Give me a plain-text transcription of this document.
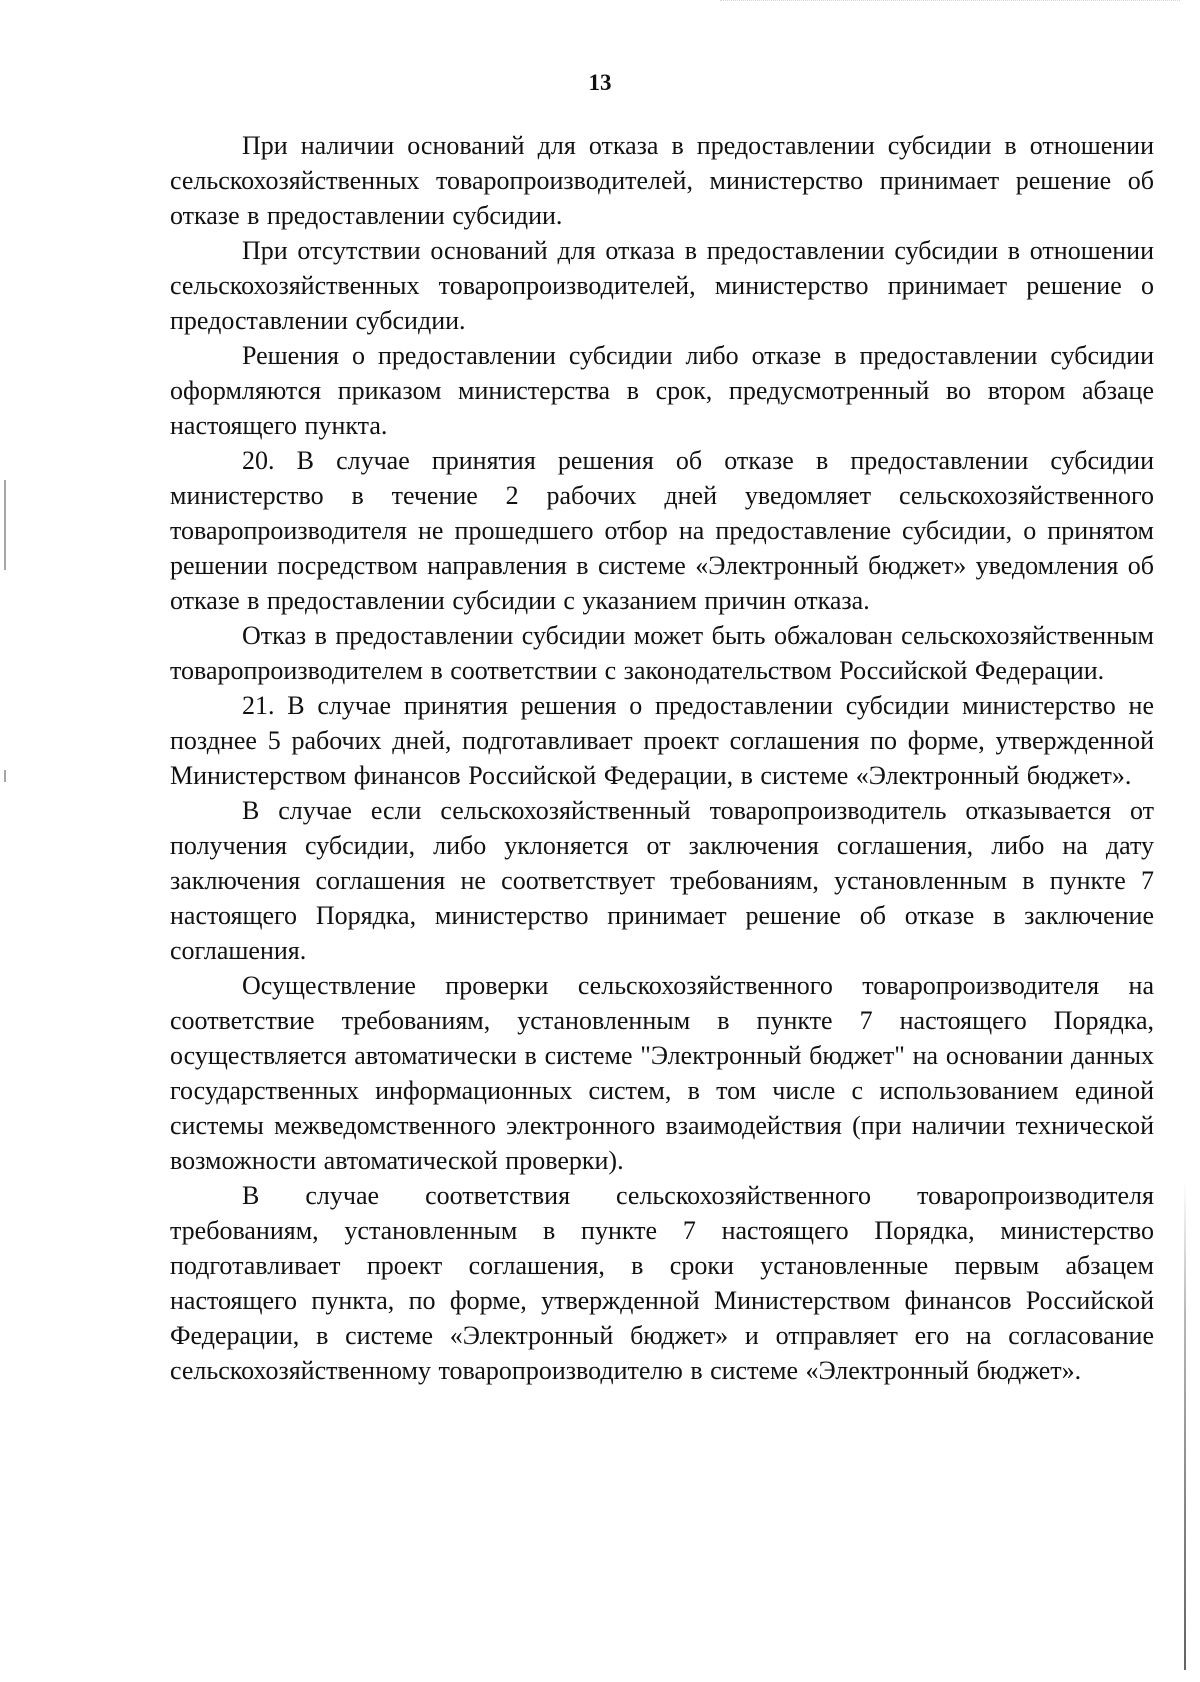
13

При наличии оснований для отказа в предоставлении субсидии в отношении сельскохозяйственных товаропроизводителей, министерство принимает решение об отказе в предоставлении субсидии.

При отсутствии оснований для отказа в предоставлении субсидии в отношении сельскохозяйственных товаропроизводителей, министерство принимает решение о предоставлении субсидии.

Решения о предоставлении субсидии либо отказе в предоставлении субсидии оформляются приказом министерства в срок, предусмотренный во втором абзаце настоящего пункта.

20. В случае принятия решения об отказе в предоставлении субсидии министерство в течение 2 рабочих дней уведомляет сельскохозяйственного товаропроизводителя не прошедшего отбор на предоставление субсидии, о принятом решении посредством направления в системе «Электронный бюджет» уведомления об отказе в предоставлении субсидии с указанием причин отказа.

Отказ в предоставлении субсидии может быть обжалован сельскохозяйственным товаропроизводителем в соответствии с законодательством Российской Федерации.

21. В случае принятия решения о предоставлении субсидии министерство не позднее 5 рабочих дней, подготавливает проект соглашения по форме, утвержденной Министерством финансов Российской Федерации, в системе «Электронный бюджет».

В случае если сельскохозяйственный товаропроизводитель отказывается от получения субсидии, либо уклоняется от заключения соглашения, либо на дату заключения соглашения не соответствует требованиям, установленным в пункте 7 настоящего Порядка, министерство принимает решение об отказе в заключение соглашения.

Осуществление проверки сельскохозяйственного товаропроизводителя на соответствие требованиям, установленным в пункте 7 настоящего Порядка, осуществляется автоматически в системе "Электронный бюджет" на основании данных государственных информационных систем, в том числе с использованием единой системы межведомственного электронного взаимодействия (при наличии технической возможности автоматической проверки).

В случае соответствия сельскохозяйственного товаропроизводителя требованиям, установленным в пункте 7 настоящего Порядка, министерство подготавливает проект соглашения, в сроки установленные первым абзацем настоящего пункта, по форме, утвержденной Министерством финансов Российской Федерации, в системе «Электронный бюджет» и отправляет его на согласование сельскохозяйственному товаропроизводителю в системе «Электронный бюджет».
